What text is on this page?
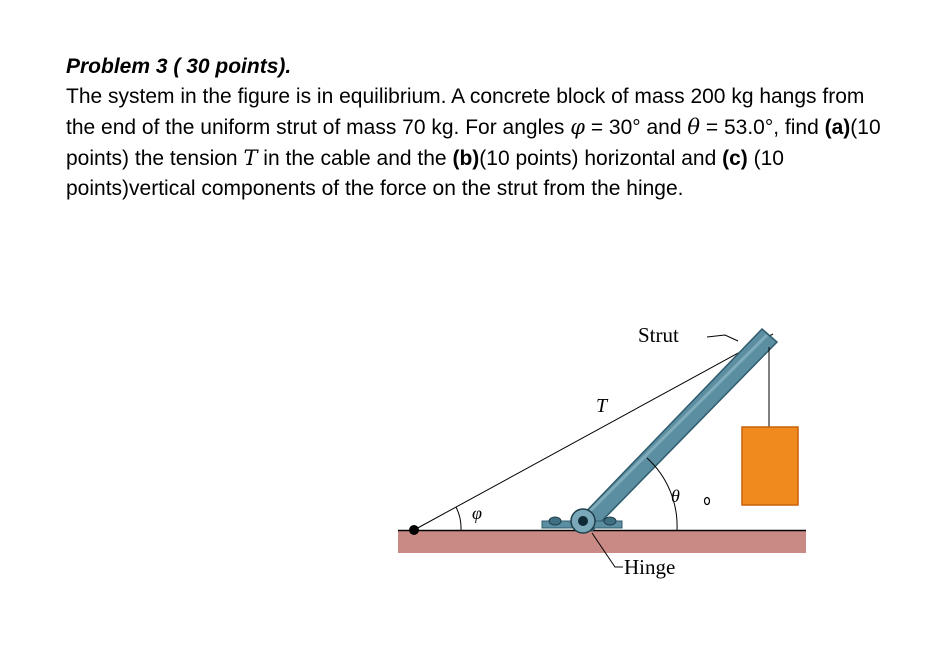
Problem 3 ( 30 points).

The system in the figure is in equilibrium. A concrete block of mass 200 kg hangs from the end of the uniform strut of mass 70 kg. For angles φ = 30° and θ = 53.0°, find (a)(10 points) the tension T in the cable and the (b)(10 points) horizontal and (c) (10 points)vertical components of the force on the strut from the hinge.

φ
θ
T
Strut
Hinge
